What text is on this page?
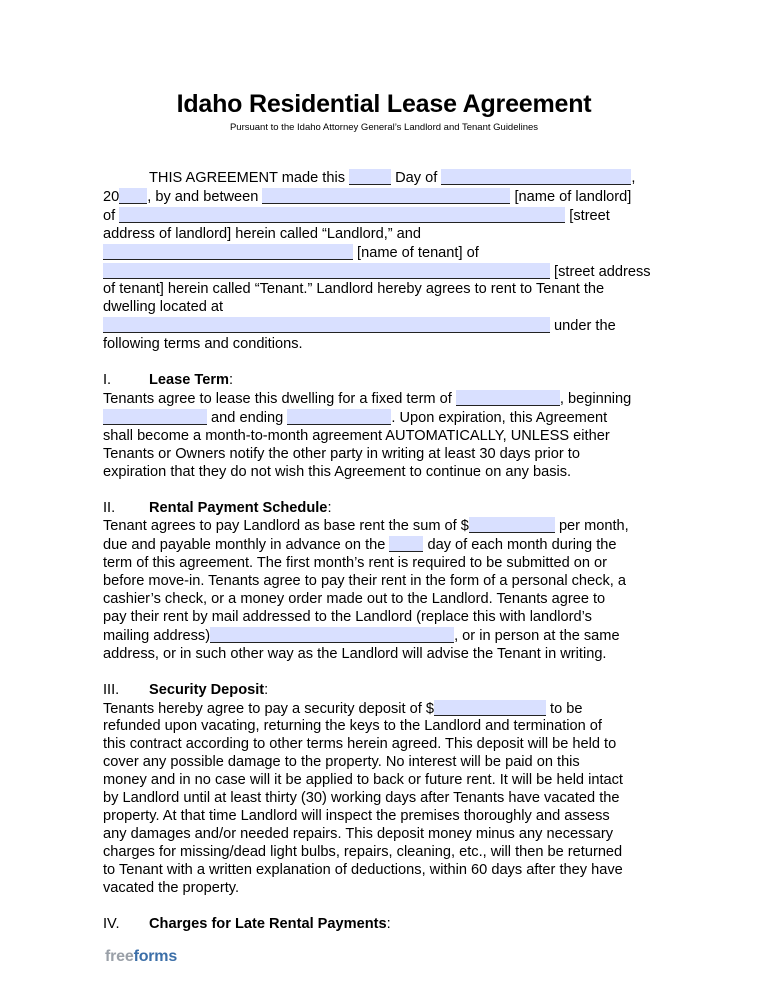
Idaho Residential Lease Agreement
Pursuant to the Idaho Attorney General’s Landlord and Tenant Guidelines

THIS AGREEMENT made this	Day of	,
20 , by and between	[name of landlord]
of	[street
address of landlord] herein called “Landlord,” and
[name of tenant] of
[street address
of tenant] herein called “Tenant.” Landlord hereby agrees to rent to Tenant the
dwelling located at
under the
following terms and conditions.

I.	Lease Term:
Tenants agree to lease this dwelling for a fixed term of	, beginning
and ending	. Upon expiration, this Agreement
shall become a month-to-month agreement AUTOMATICALLY, UNLESS either
Tenants or Owners notify the other party in writing at least 30 days prior to
expiration that they do not wish this Agreement to continue on any basis.

II. Rental Payment Schedule:
Tenant agrees to pay Landlord as base rent the sum of $	per month,
due and payable monthly in advance on the  day of each month during the
term of this agreement. The first month’s rent is required to be submitted on or
before move-in. Tenants agree to pay their rent in the form of a personal check, a
cashier’s check, or a money order made out to the Landlord. Tenants agree to
pay their rent by mail addressed to the Landlord (replace this with landlord’s
mailing address)	, or in person at the same
address, or in such other way as the Landlord will advise the Tenant in writing.

III. Security Deposit:
Tenants hereby agree to pay a security deposit of $	to be
refunded upon vacating, returning the keys to the Landlord and termination of
this contract according to other terms herein agreed. This deposit will be held to
cover any possible damage to the property. No interest will be paid on this
money and in no case will it be applied to back or future rent. It will be held intact
by Landlord until at least thirty (30) working days after Tenants have vacated the
property. At that time Landlord will inspect the premises thoroughly and assess
any damages and/or needed repairs. This deposit money minus any necessary
charges for missing/dead light bulbs, repairs, cleaning, etc., will then be returned
to Tenant with a written explanation of deductions, within 60 days after they have
vacated the property.

IV. Charges for Late Rental Payments:

freeforms
